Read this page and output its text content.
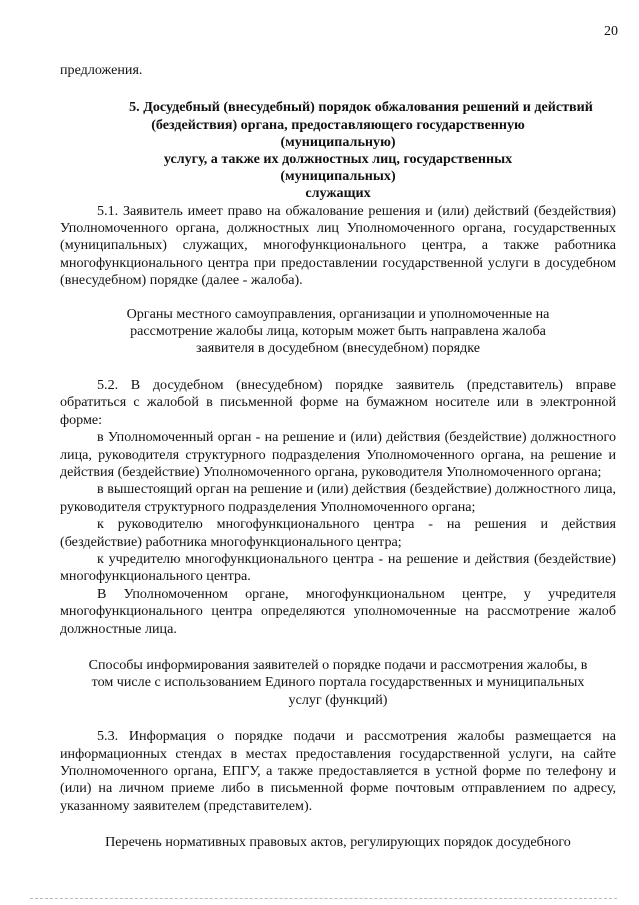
20

предложения.

5. Досудебный (внесудебный) порядок обжалования решений и действий
(бездействия) органа, предоставляющего государственную
(муниципальную)
услугу, а также их должностных лиц, государственных
(муниципальных)
служащих

5.1. Заявитель имеет право на обжалование решения и (или) действий (бездействия) Уполномоченного органа, должностных лиц Уполномоченного органа, государственных (муниципальных) служащих, многофункционального центра, а также работника многофункционального центра при предоставлении государственной услуги в досудебном (внесудебном) порядке (далее - жалоба).

Органы местного самоуправления, организации и уполномоченные на рассмотрение жалобы лица, которым может быть направлена жалоба заявителя в досудебном (внесудебном) порядке

5.2. В досудебном (внесудебном) порядке заявитель (представитель) вправе обратиться с жалобой в письменной форме на бумажном носителе или в электронной форме:

в Уполномоченный орган - на решение и (или) действия (бездействие) должностного лица, руководителя структурного подразделения Уполномоченного органа, на решение и действия (бездействие) Уполномоченного органа, руководителя Уполномоченного органа;

в вышестоящий орган на решение и (или) действия (бездействие) должностного лица, руководителя структурного подразделения Уполномоченного органа;

к руководителю многофункционального центра - на решения и действия (бездействие) работника многофункционального центра;

к учредителю многофункционального центра - на решение и действия (бездействие) многофункционального центра.

В Уполномоченном органе, многофункциональном центре, у учредителя многофункционального центра определяются уполномоченные на рассмотрение жалоб должностные лица.

Способы информирования заявителей о порядке подачи и рассмотрения жалобы, в том числе с использованием Единого портала государственных и муниципальных услуг (функций)

5.3. Информация о порядке подачи и рассмотрения жалобы размещается на информационных стендах в местах предоставления государственной услуги, на сайте Уполномоченного органа, ЕПГУ, а также предоставляется в устной форме по телефону и (или) на личном приеме либо в письменной форме почтовым отправлением по адресу, указанному заявителем (представителем).

Перечень нормативных правовых актов, регулирующих порядок досудебного
